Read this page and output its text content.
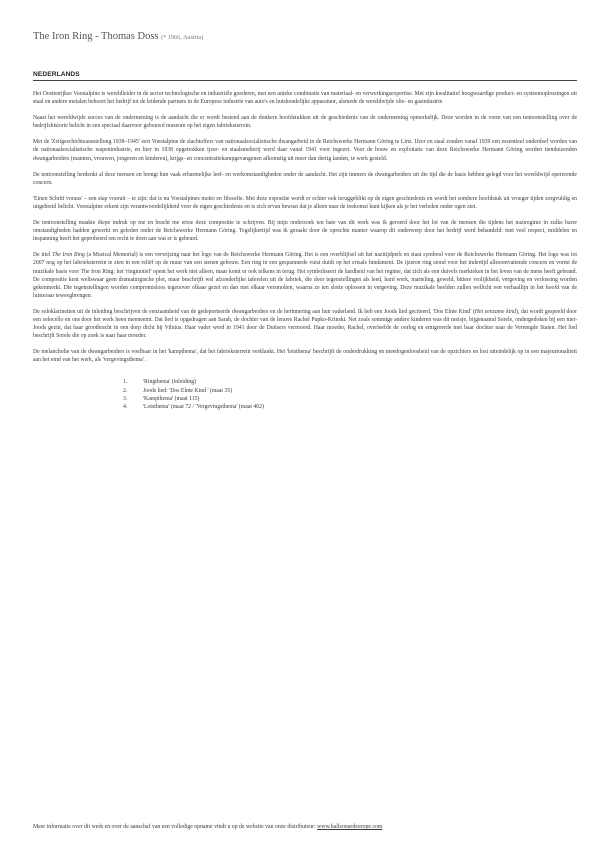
The Iron Ring - Thomas Doss (* 1966, Austria)
NEDERLANDS

Het Oostenrijkse Voestalpine is wereldleider in de sector technologische en industriële goederen, met een unieke combinatie van materiaal- en verwerkingsexpertise. Met zijn kwalitatief hoogwaardige product- en systeemoplossingen uit staal en andere metalen behoort het bedrijf tot de leidende partners in de Europese industrie van auto's en huishoudelijke apparatuur, alsmede de wereldwijde olie- en gasindustrie.

Naast het wereldwijde succes van de onderneming is de aandacht die er wordt besteed aan de donkere hoofdstukken uit de geschiedenis van de onderneming opmerkelijk. Deze worden in de vorm van een tentoonstelling over de bedrijfshistorie belicht in een speciaal daarvoor gebouwd museum op het eigen fabrieksterrein.

Met de 'Zeitgeschichteausstellung 1938–1945' eert Voestalpine de slachtoffers van nationaalsocialistische dwangarbeid in de Reichswerke Hermann Göring te Linz. IJzer en staal zouden vanaf 1939 een essentieel onderdeel worden van de nationaalsocialistische wapenindustrie, en hier in 1938 opgetrokken ijzer- en staalsmelterij werd daar vanaf 1941 voor ingezet. Voor de bouw en exploitatie van deze Reichswerke Hermann Göring werden tienduizenden dwangarbeiders (mannen, vrouwen, jongeren en kinderen), krijgs- en concentratiekampgevangenen afkomstig uit meer dan dertig landen, te werk gesteld.

De tentoonstelling herdenkt al deze mensen en brengt hun vaak erbarmelijke leef- en werkomstandigheden onder de aandacht. Het zijn immers de dwangarbeiders uit die tijd die de basis hebben gelegd voor het wereldwijd opererende concern.

'Einen Schritt voraus' – een stap vooruit – te zijn: dat is nu Voestalpines motto en filosofie. Met deze expositie wordt er echter ook teruggeblikt op de eigen geschiedenis en wordt het sombere hoofdstuk uit vroeger tijden zorgvuldig en uitgebreid belicht. Voestalpine erkent zijn verantwoordelijkheid voor de eigen geschiedenis en is zich ervan bewust dat je alleen naar de toekomst kunt kijken als je het verleden onder ogen ziet.

De tentoonstelling maakte diepe indruk op me en bracht me ertoe deze compositie te schrijven. Bij mijn onderzoek ten bate van dit werk was ik geroerd door het lot van de mensen die tijdens het naziregime in zulke barre omstandigheden hadden gewerkt en geleden onder de Reichswerke Hermann Göring. Tegelijkertijd was ik geraakt door de oprechte manier waarop dit onderwerp door het bedrijf werd behandeld: met veel respect, middelen en inspanning heeft het geprobeerd om recht te doen aan wat er is gebeurd.

De titel The Iron Ring (a Musical Memorial) is een verwijzing naar het logo van de Reichswerke Hermann Göring. Het is een overblijfsel uit het nazitijdperk en staat symbool voor de Reichswerke Hermann Göring. Het logo was tot 2007 nog op het fabrieksterrein te zien in een reliëf op de muur van een stenen gebouw. Een ring in een gespannerde vuist duidt op het ertsals fundament. De ijzeren ring stond voor het indertijd allesomvattende concern en vormt de muzikale basis voor The Iron Ring: het 'ringmotief' opent het werk niet alleen, maar komt er ook telkens in terug. Het symboliseert de hardheid van het regime, dat zich als een duivels merkteken in het leven van de mens heeft gebrand. De compositie kent weliswaar geen dramaturgische plot, maar beschrijft wel afzonderlijke taferelen uit de fabriek, die door tegenstellingen als leed, hard werk, marteling, geweld, bittere vrolijkheid, vergeving en verlossing worden gekenmerkt. Die tegenstellingen worden compromisloos tegenover elkaar gezet en dan met elkaar versmolten, waarna ze ten slotte oplossen in vergeving. Deze muzikale beelden zullen wellicht een verhaallijn in het hoofd van de luisteraar teweegbrengen.

De soloklarinetten uit de inleiding beschrijven de eenzaamheid van de gedeporteerde dwangarbeiders en de herinnering aan hun vaderland. Ik heb een Joods lied geciteerd, 'Dos Elnte Kind' (Het eenzame kind), dat wordt gespeeld door een solocello en ons door het werk heen meeneemt. Dat lied is opgedragen aan Sarah, de dochter van de lerares Rachel Pupko-Krinski. Net zoals sommige andere kinderen was dit meisje, bijgenaamd Sorele, ondergedoken bij een niet-Joods gezin, dat haar grootbracht in een dorp dicht bij Vilnius. Haar vader werd in 1941 door de Duitsers vermoord. Haar moeder, Rachel, overleefde de oorlog en emigreerde met haar dochter naar de Verenigde Staten. Het lied beschrijft Sorele die op zoek is naar haar moeder.

De melancholie van de dwangarbeiders is voelbaar in het 'kampthema', dat het fabrieksterrein verklankt. Het 'lotsthema' beschrijft de onderdrukking en meedogenloosheid van de opzichters en lost uiteindelijk op in een majeurtonaliteit aan het eind van het werk, als 'vergevingsthema' .

1.	'Ringthema' (inleiding)
2.	Joods lied: 'Dos Elnte Kind ' (maat 35)
3.	'Kampthema' (maat 115)
4.	'Lotsthema' (maat 72 / 'Vergevingsthema' (maat 402)
Meer informatie over dit werk en over de aanschaf van een volledige opname vindt u op de website van onze distributeur: www.halleonardeurope.com
